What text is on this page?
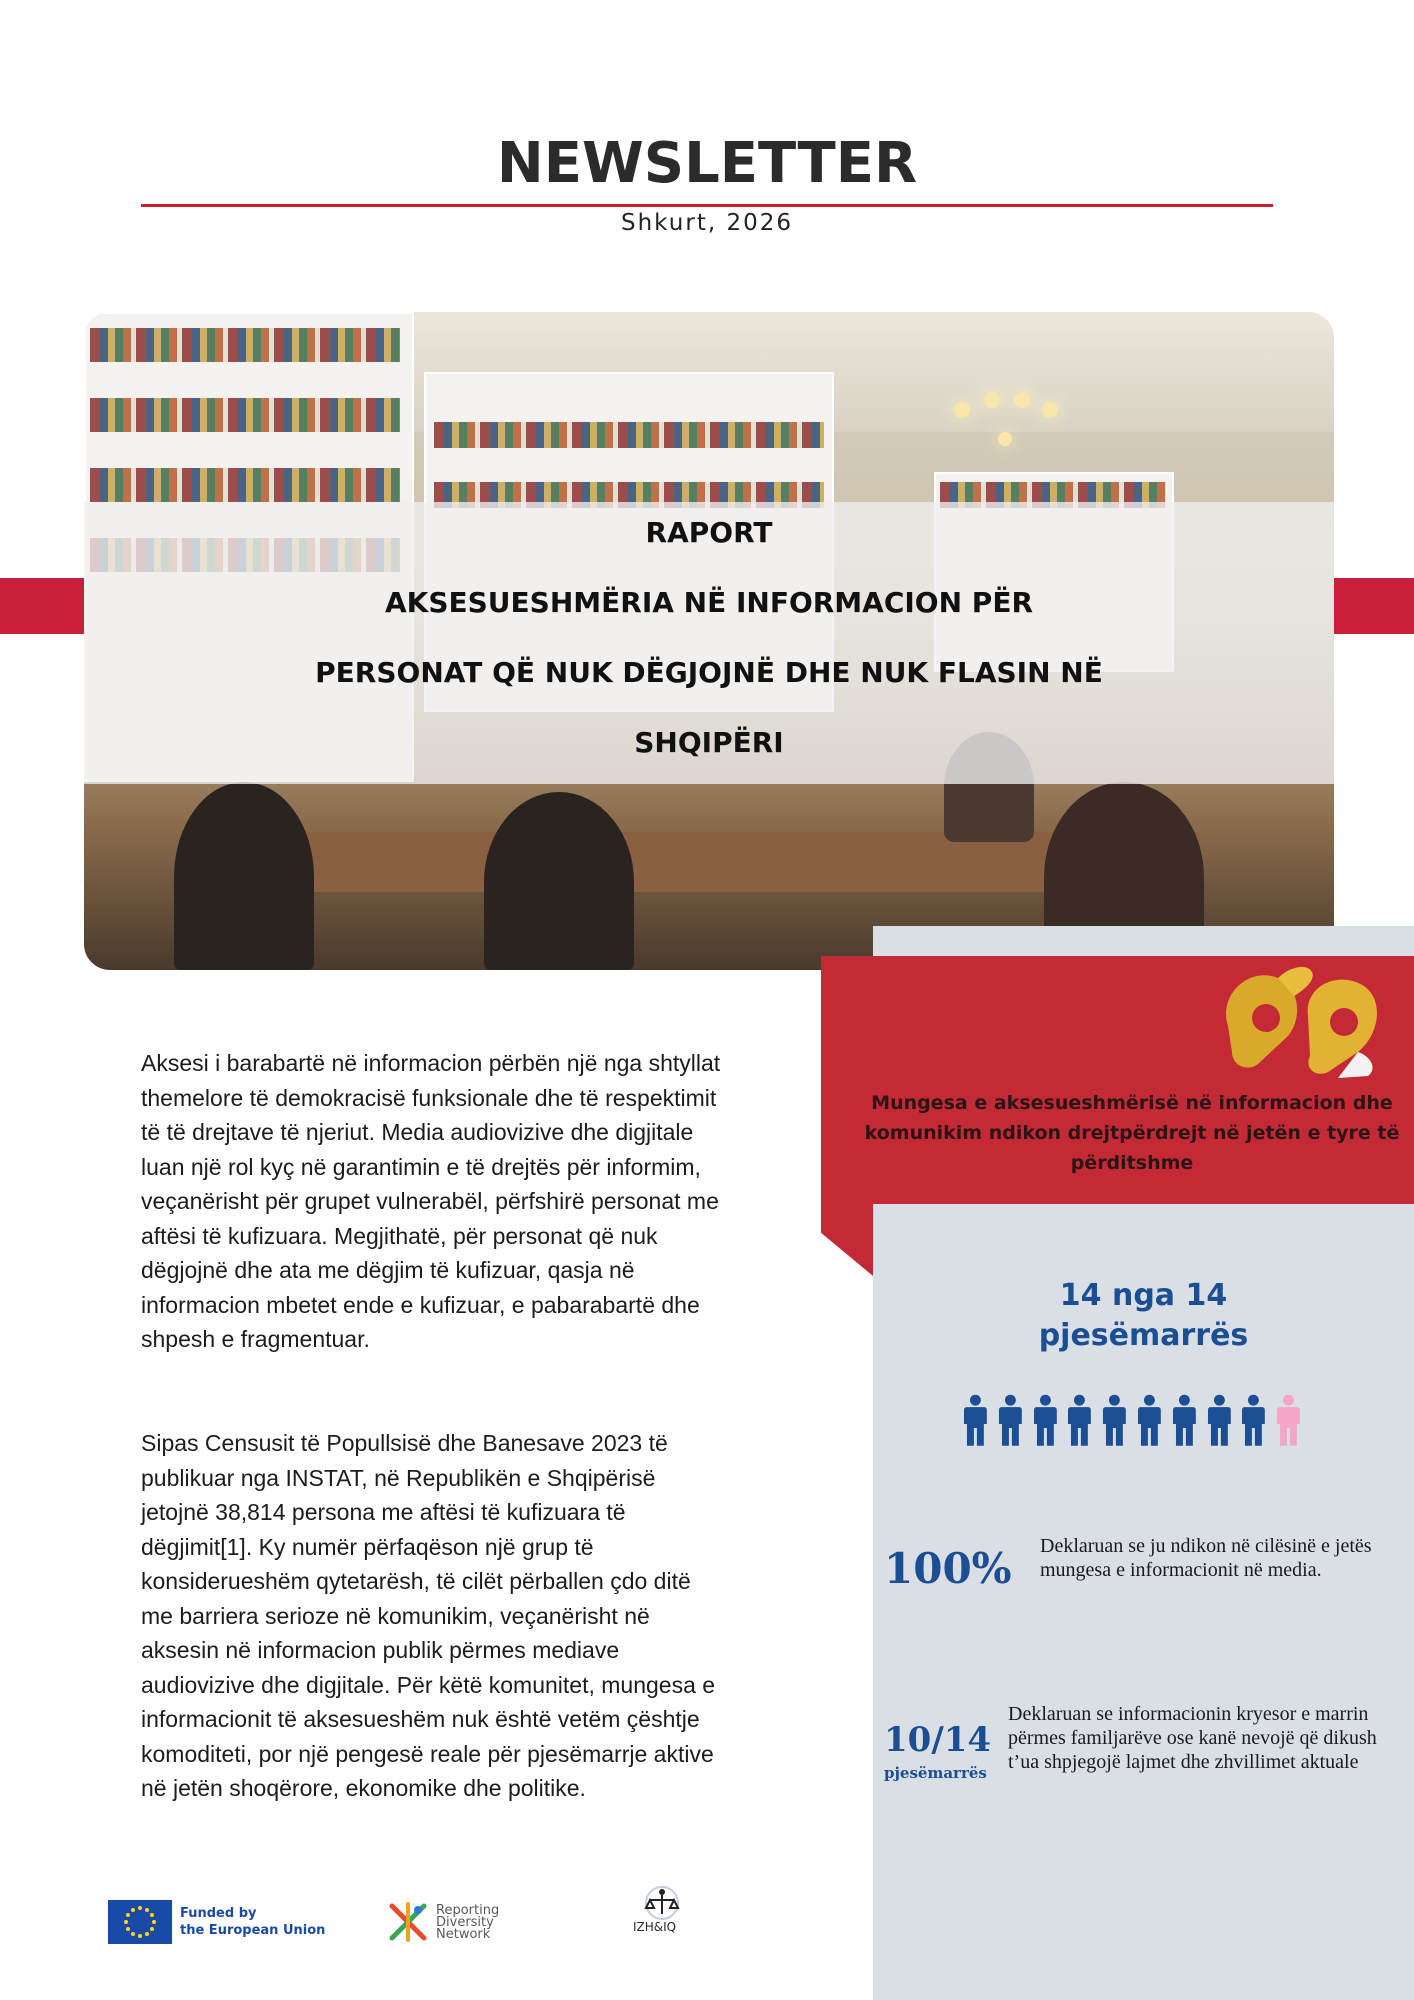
NEWSLETTER
Shkurt, 2026
RAPORT
AKSESUESHMËRIA NË INFORMACION PËR
PERSONAT QË NUK DËGJOJNË DHE NUK FLASIN NË
SHQIPËRI
Mungesa e aksesueshmërisë në informacion dhe komunikim ndikon drejtpërdrejt në jetën e tyre të përditshme
14 nga 14
pjesëmarrës
100% Deklaruan se ju ndikon në cilësinë e jetës mungesa e informacionit në media.
10/14
pjesëmarrës
Deklaruan se informacionin kryesor e marrin përmes familjarëve ose kanë nevojë që dikush t’ua shpjegojë lajmet dhe zhvillimet aktuale

Aksesi i barabartë në informacion përbën një nga shtyllat themelore të demokracisë funksionale dhe të respektimit të të drejtave të njeriut. Media audiovizive dhe digjitale luan një rol kyç në garantimin e të drejtës për informim, veçanërisht për grupet vulnerabël, përfshirë personat me aftësi të kufizuara. Megjithatë, për personat që nuk dëgjojnë dhe ata me dëgjim të kufizuar, qasja në informacion mbetet ende e kufizuar, e pabarabartë dhe shpesh e fragmentuar.

Sipas Censusit të Popullsisë dhe Banesave 2023 të publikuar nga INSTAT, në Republikën e Shqipërisë jetojnë 38,814 persona me aftësi të kufizuara të dëgjimit[1]. Ky numër përfaqëson një grup të konsiderueshëm qytetarësh, të cilët përballen çdo ditë me barriera serioze në komunikim, veçanërisht në aksesin në informacion publik përmes mediave audiovizive dhe digjitale. Për këtë komunitet, mungesa e informacionit të aksesueshëm nuk është vetëm çështje komoditeti, por një pengesë reale për pjesëmarrje aktive në jetën shoqërore, ekonomike dhe politike.

Funded by
the European Union
Reporting
Diversity
Network	IZH&IQ
